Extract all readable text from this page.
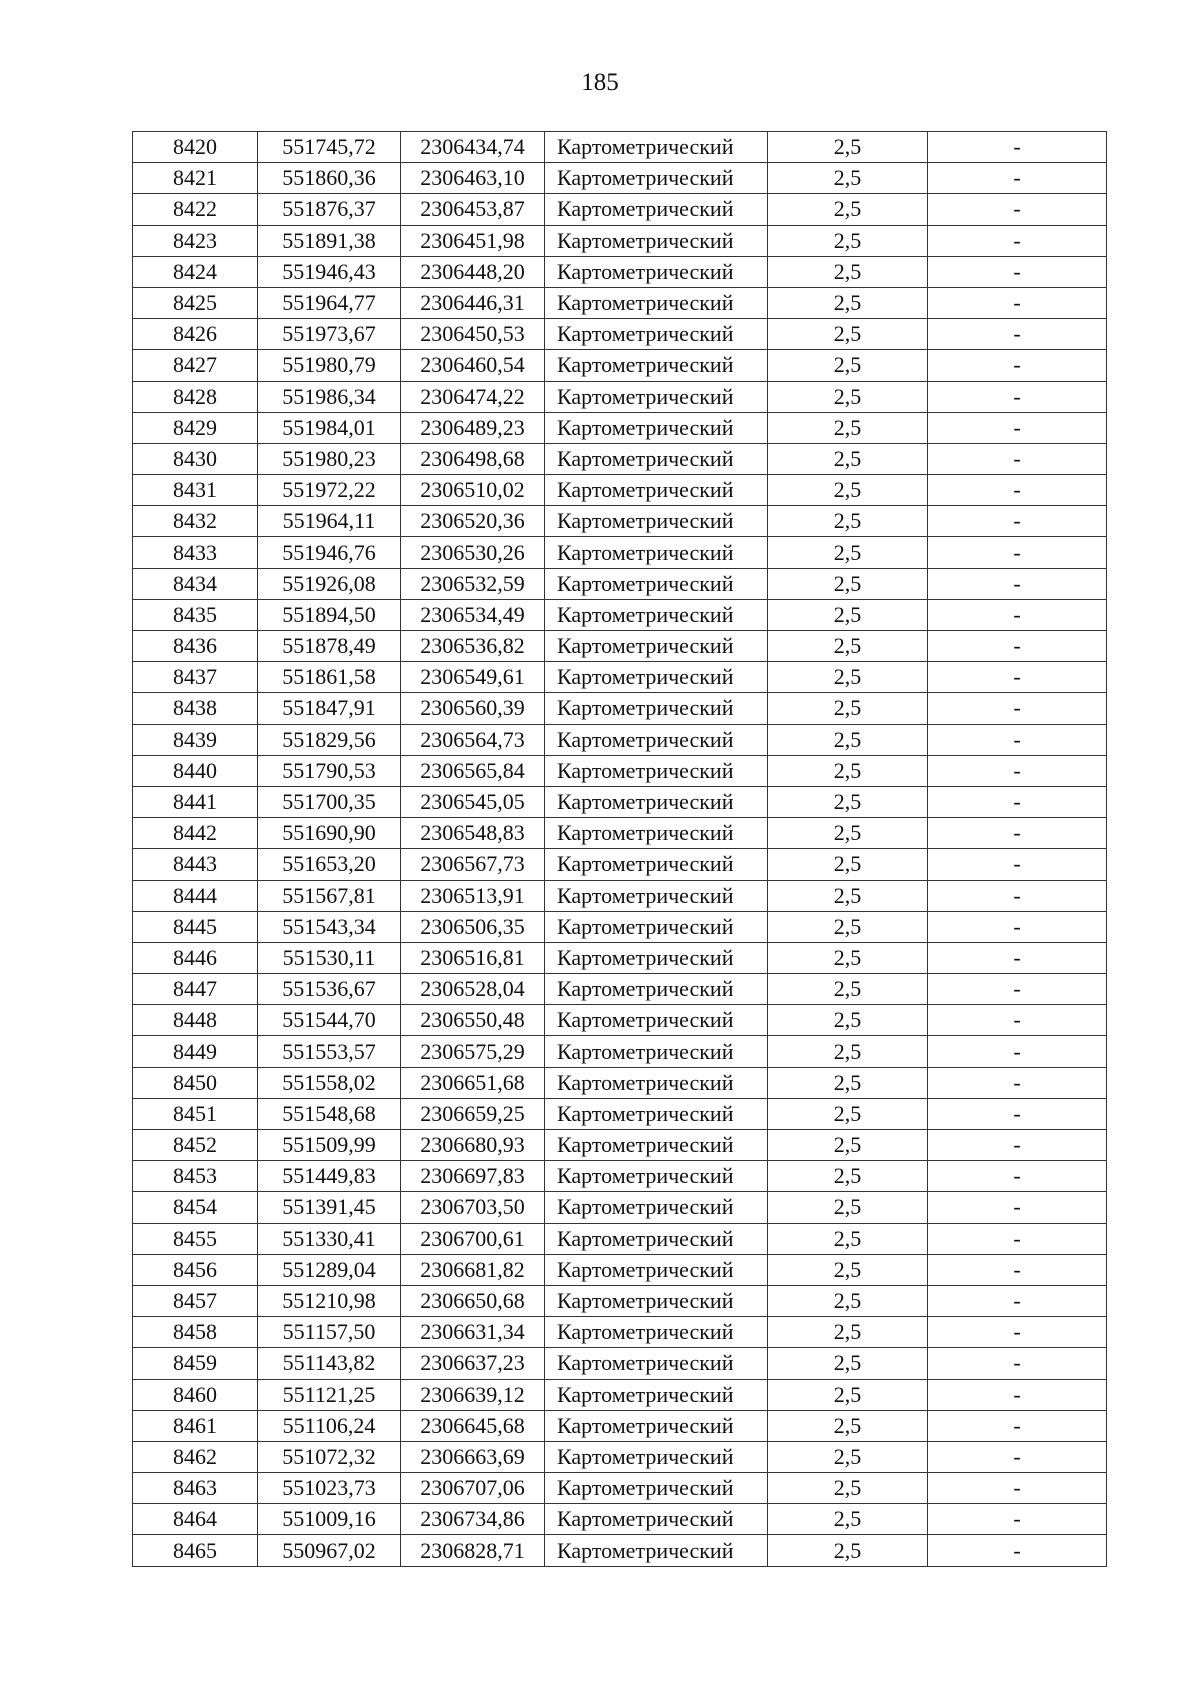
185
8420	551745,72	2306434,74	Картометрический	2,5	-
8421	551860,36	2306463,10	Картометрический	2,5	-
8422	551876,37	2306453,87	Картометрический	2,5	-
8423	551891,38	2306451,98	Картометрический	2,5	-
8424	551946,43	2306448,20	Картометрический	2,5	-
8425	551964,77	2306446,31	Картометрический	2,5	-
8426	551973,67	2306450,53	Картометрический	2,5	-
8427	551980,79	2306460,54	Картометрический	2,5	-
8428	551986,34	2306474,22	Картометрический	2,5	-
8429	551984,01	2306489,23	Картометрический	2,5	-
8430	551980,23	2306498,68	Картометрический	2,5	-
8431	551972,22	2306510,02	Картометрический	2,5	-
8432	551964,11	2306520,36	Картометрический	2,5	-
8433	551946,76	2306530,26	Картометрический	2,5	-
8434	551926,08	2306532,59	Картометрический	2,5	-
8435	551894,50	2306534,49	Картометрический	2,5	-
8436	551878,49	2306536,82	Картометрический	2,5	-
8437	551861,58	2306549,61	Картометрический	2,5	-
8438	551847,91	2306560,39	Картометрический	2,5	-
8439	551829,56	2306564,73	Картометрический	2,5	-
8440	551790,53	2306565,84	Картометрический	2,5	-
8441	551700,35	2306545,05	Картометрический	2,5	-
8442	551690,90	2306548,83	Картометрический	2,5	-
8443	551653,20	2306567,73	Картометрический	2,5	-
8444	551567,81	2306513,91	Картометрический	2,5	-
8445	551543,34	2306506,35	Картометрический	2,5	-
8446	551530,11	2306516,81	Картометрический	2,5	-
8447	551536,67	2306528,04	Картометрический	2,5	-
8448	551544,70	2306550,48	Картометрический	2,5	-
8449	551553,57	2306575,29	Картометрический	2,5	-
8450	551558,02	2306651,68	Картометрический	2,5	-
8451	551548,68	2306659,25	Картометрический	2,5	-
8452	551509,99	2306680,93	Картометрический	2,5	-
8453	551449,83	2306697,83	Картометрический	2,5	-
8454	551391,45	2306703,50	Картометрический	2,5	-
8455	551330,41	2306700,61	Картометрический	2,5	-
8456	551289,04	2306681,82	Картометрический	2,5	-
8457	551210,98	2306650,68	Картометрический	2,5	-
8458	551157,50	2306631,34	Картометрический	2,5	-
8459	551143,82	2306637,23	Картометрический	2,5	-
8460	551121,25	2306639,12	Картометрический	2,5	-
8461	551106,24	2306645,68	Картометрический	2,5	-
8462	551072,32	2306663,69	Картометрический	2,5	-
8463	551023,73	2306707,06	Картометрический	2,5	-
8464	551009,16	2306734,86	Картометрический	2,5	-
8465	550967,02	2306828,71	Картометрический	2,5	-
